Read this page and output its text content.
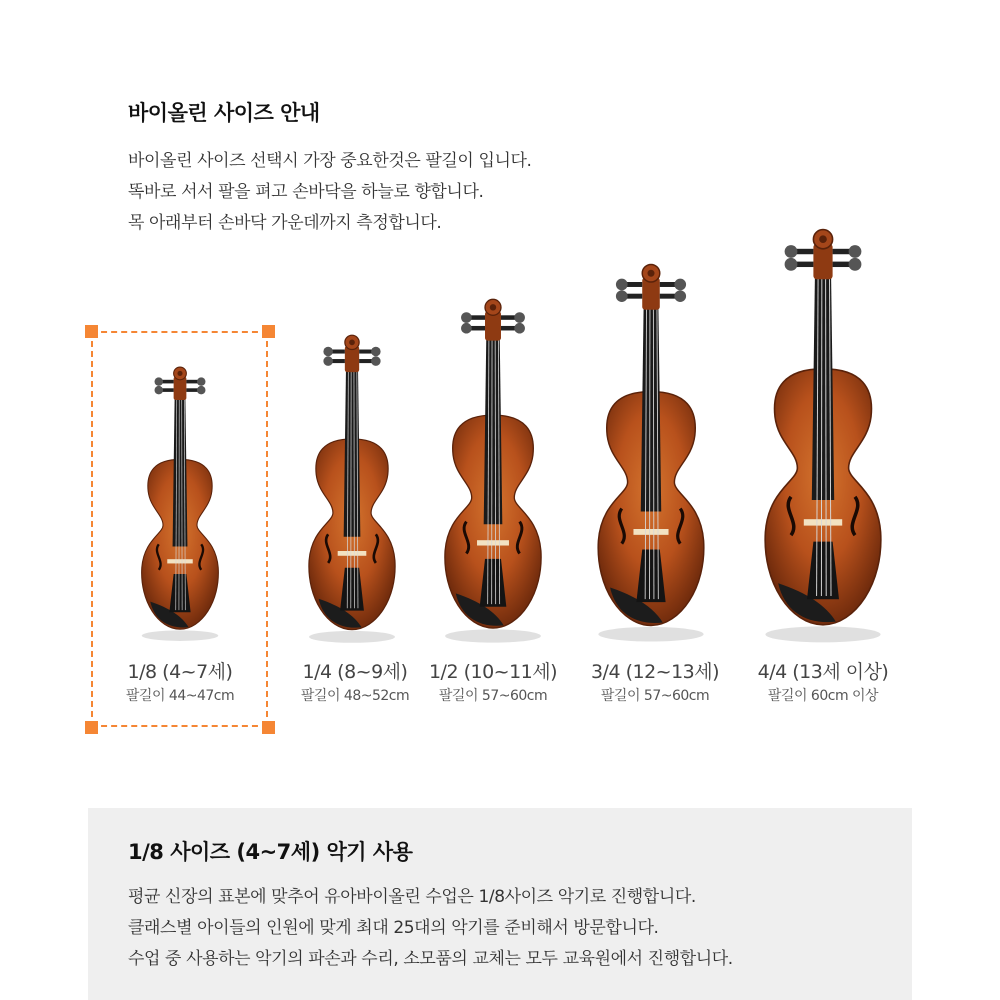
바이올린 사이즈 안내
바이올린 사이즈 선택시 가장 중요한것은 팔길이 입니다.
똑바로 서서 팔을 펴고 손바닥을 하늘로 향합니다.
목 아래부터 손바닥 가운데까지 측정합니다.
1/8 (4~7세)
팔길이 44~47cm
1/4 (8~9세)
팔길이 48~52cm
1/2 (10~11세)
팔길이 57~60cm
3/4 (12~13세)
팔길이 57~60cm
4/4 (13세 이상)
팔길이 60cm 이상
1/8 사이즈 (4~7세) 악기 사용
평균 신장의 표본에 맞추어 유아바이올린 수업은 1/8사이즈 악기로 진행합니다.
클래스별 아이들의 인원에 맞게 최대 25대의 악기를 준비해서 방문합니다.
수업 중 사용하는 악기의 파손과 수리, 소모품의 교체는 모두 교육원에서 진행합니다.
